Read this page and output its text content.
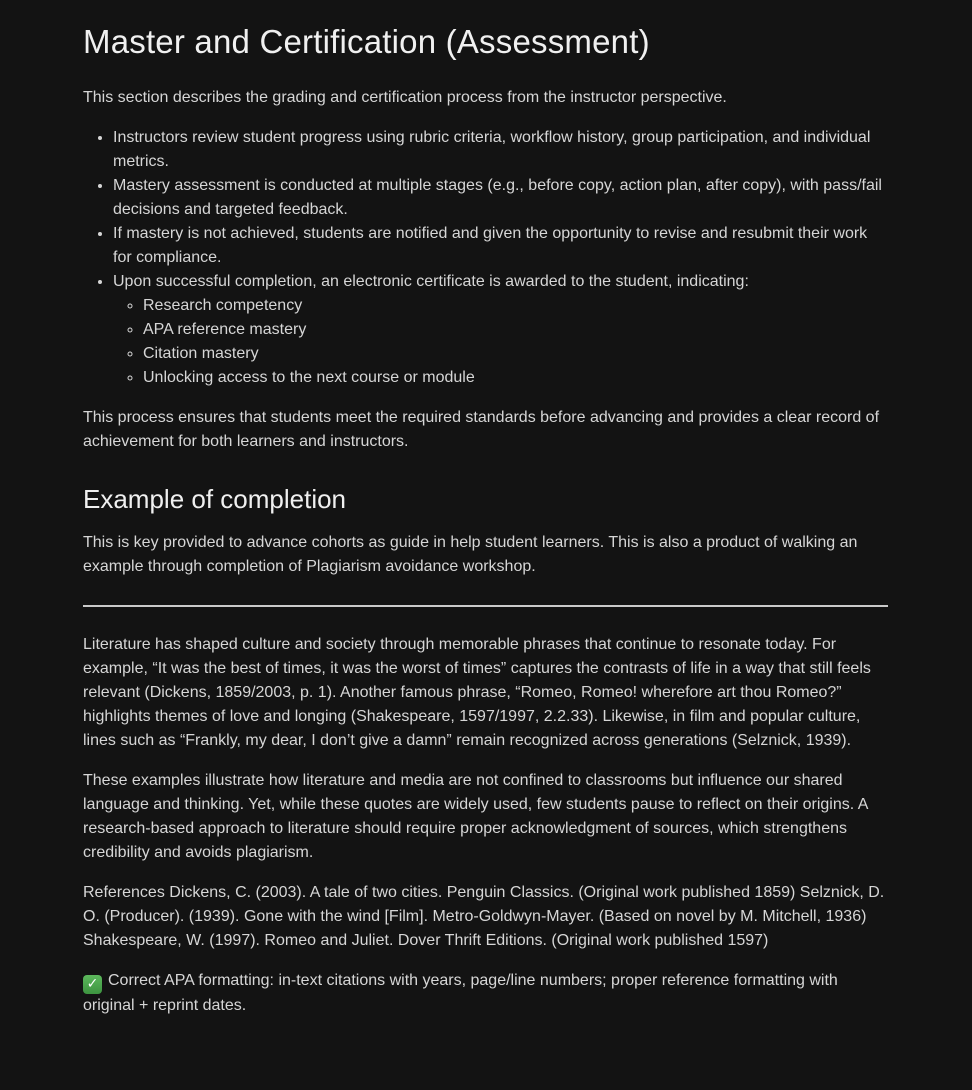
Master and Certification (Assessment)

This section describes the grading and certification process from the instructor perspective.

• Instructors review student progress using rubric criteria, workflow history, group participation, and individual metrics.
• Mastery assessment is conducted at multiple stages (e.g., before copy, action plan, after copy), with pass/fail decisions and targeted feedback.
• If mastery is not achieved, students are notified and given the opportunity to revise and resubmit their work for compliance.
• Upon successful completion, an electronic certificate is awarded to the student, indicating:
◦ Research competency
◦ APA reference mastery
◦ Citation mastery
◦ Unlocking access to the next course or module

This process ensures that students meet the required standards before advancing and provides a clear record of achievement for both learners and instructors.

Example of completion

This is key provided to advance cohorts as guide in help student learners. This is also a product of walking an example through completion of Plagiarism avoidance workshop.

Literature has shaped culture and society through memorable phrases that continue to resonate today. For example, “It was the best of times, it was the worst of times” captures the contrasts of life in a way that still feels relevant (Dickens, 1859/2003, p. 1). Another famous phrase, “Romeo, Romeo! wherefore art thou Romeo?” highlights themes of love and longing (Shakespeare, 1597/1997, 2.2.33). Likewise, in film and popular culture, lines such as “Frankly, my dear, I don’t give a damn” remain recognized across generations (Selznick, 1939).

These examples illustrate how literature and media are not confined to classrooms but influence our shared language and thinking. Yet, while these quotes are widely used, few students pause to reflect on their origins. A research-based approach to literature should require proper acknowledgment of sources, which strengthens credibility and avoids plagiarism.

References Dickens, C. (2003). A tale of two cities. Penguin Classics. (Original work published 1859) Selznick, D. O. (Producer). (1939). Gone with the wind [Film]. Metro-Goldwyn-Mayer. (Based on novel by M. Mitchell, 1936) Shakespeare, W. (1997). Romeo and Juliet. Dover Thrift Editions. (Original work published 1597)

✓ Correct APA formatting: in-text citations with years, page/line numbers; proper reference formatting with original + reprint dates.
